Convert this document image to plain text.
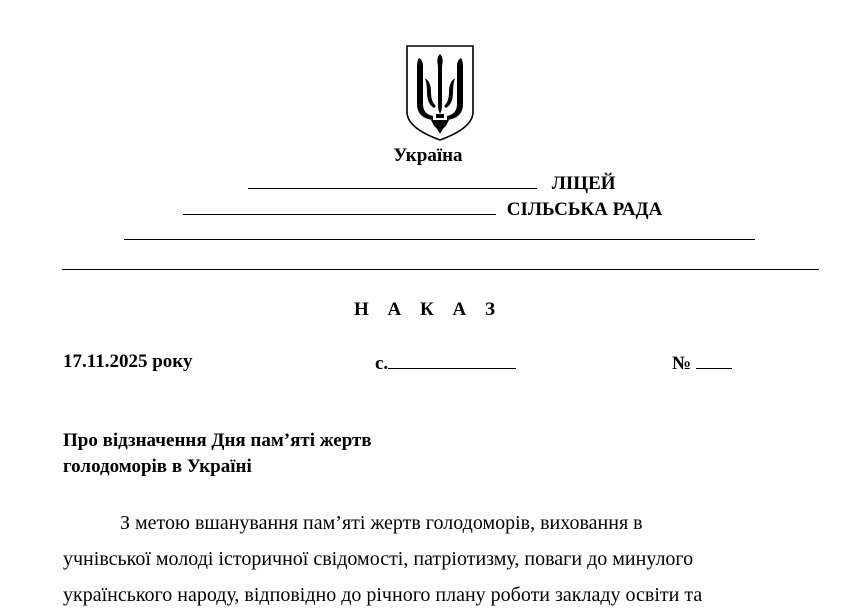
Україна
ЛІЦЕЙ
СІЛЬСЬКА РАДА
Н А К А З
17.11.2025 року	с.	№
Про відзначення Дня пам’яті жертв
голодоморів в Україні
З метою вшанування пам’яті жертв голодоморів, виховання в
учнівської молоді історичної свідомості, патріотизму, поваги до минулого
українського народу, відповідно до річного плану роботи закладу освіти та
